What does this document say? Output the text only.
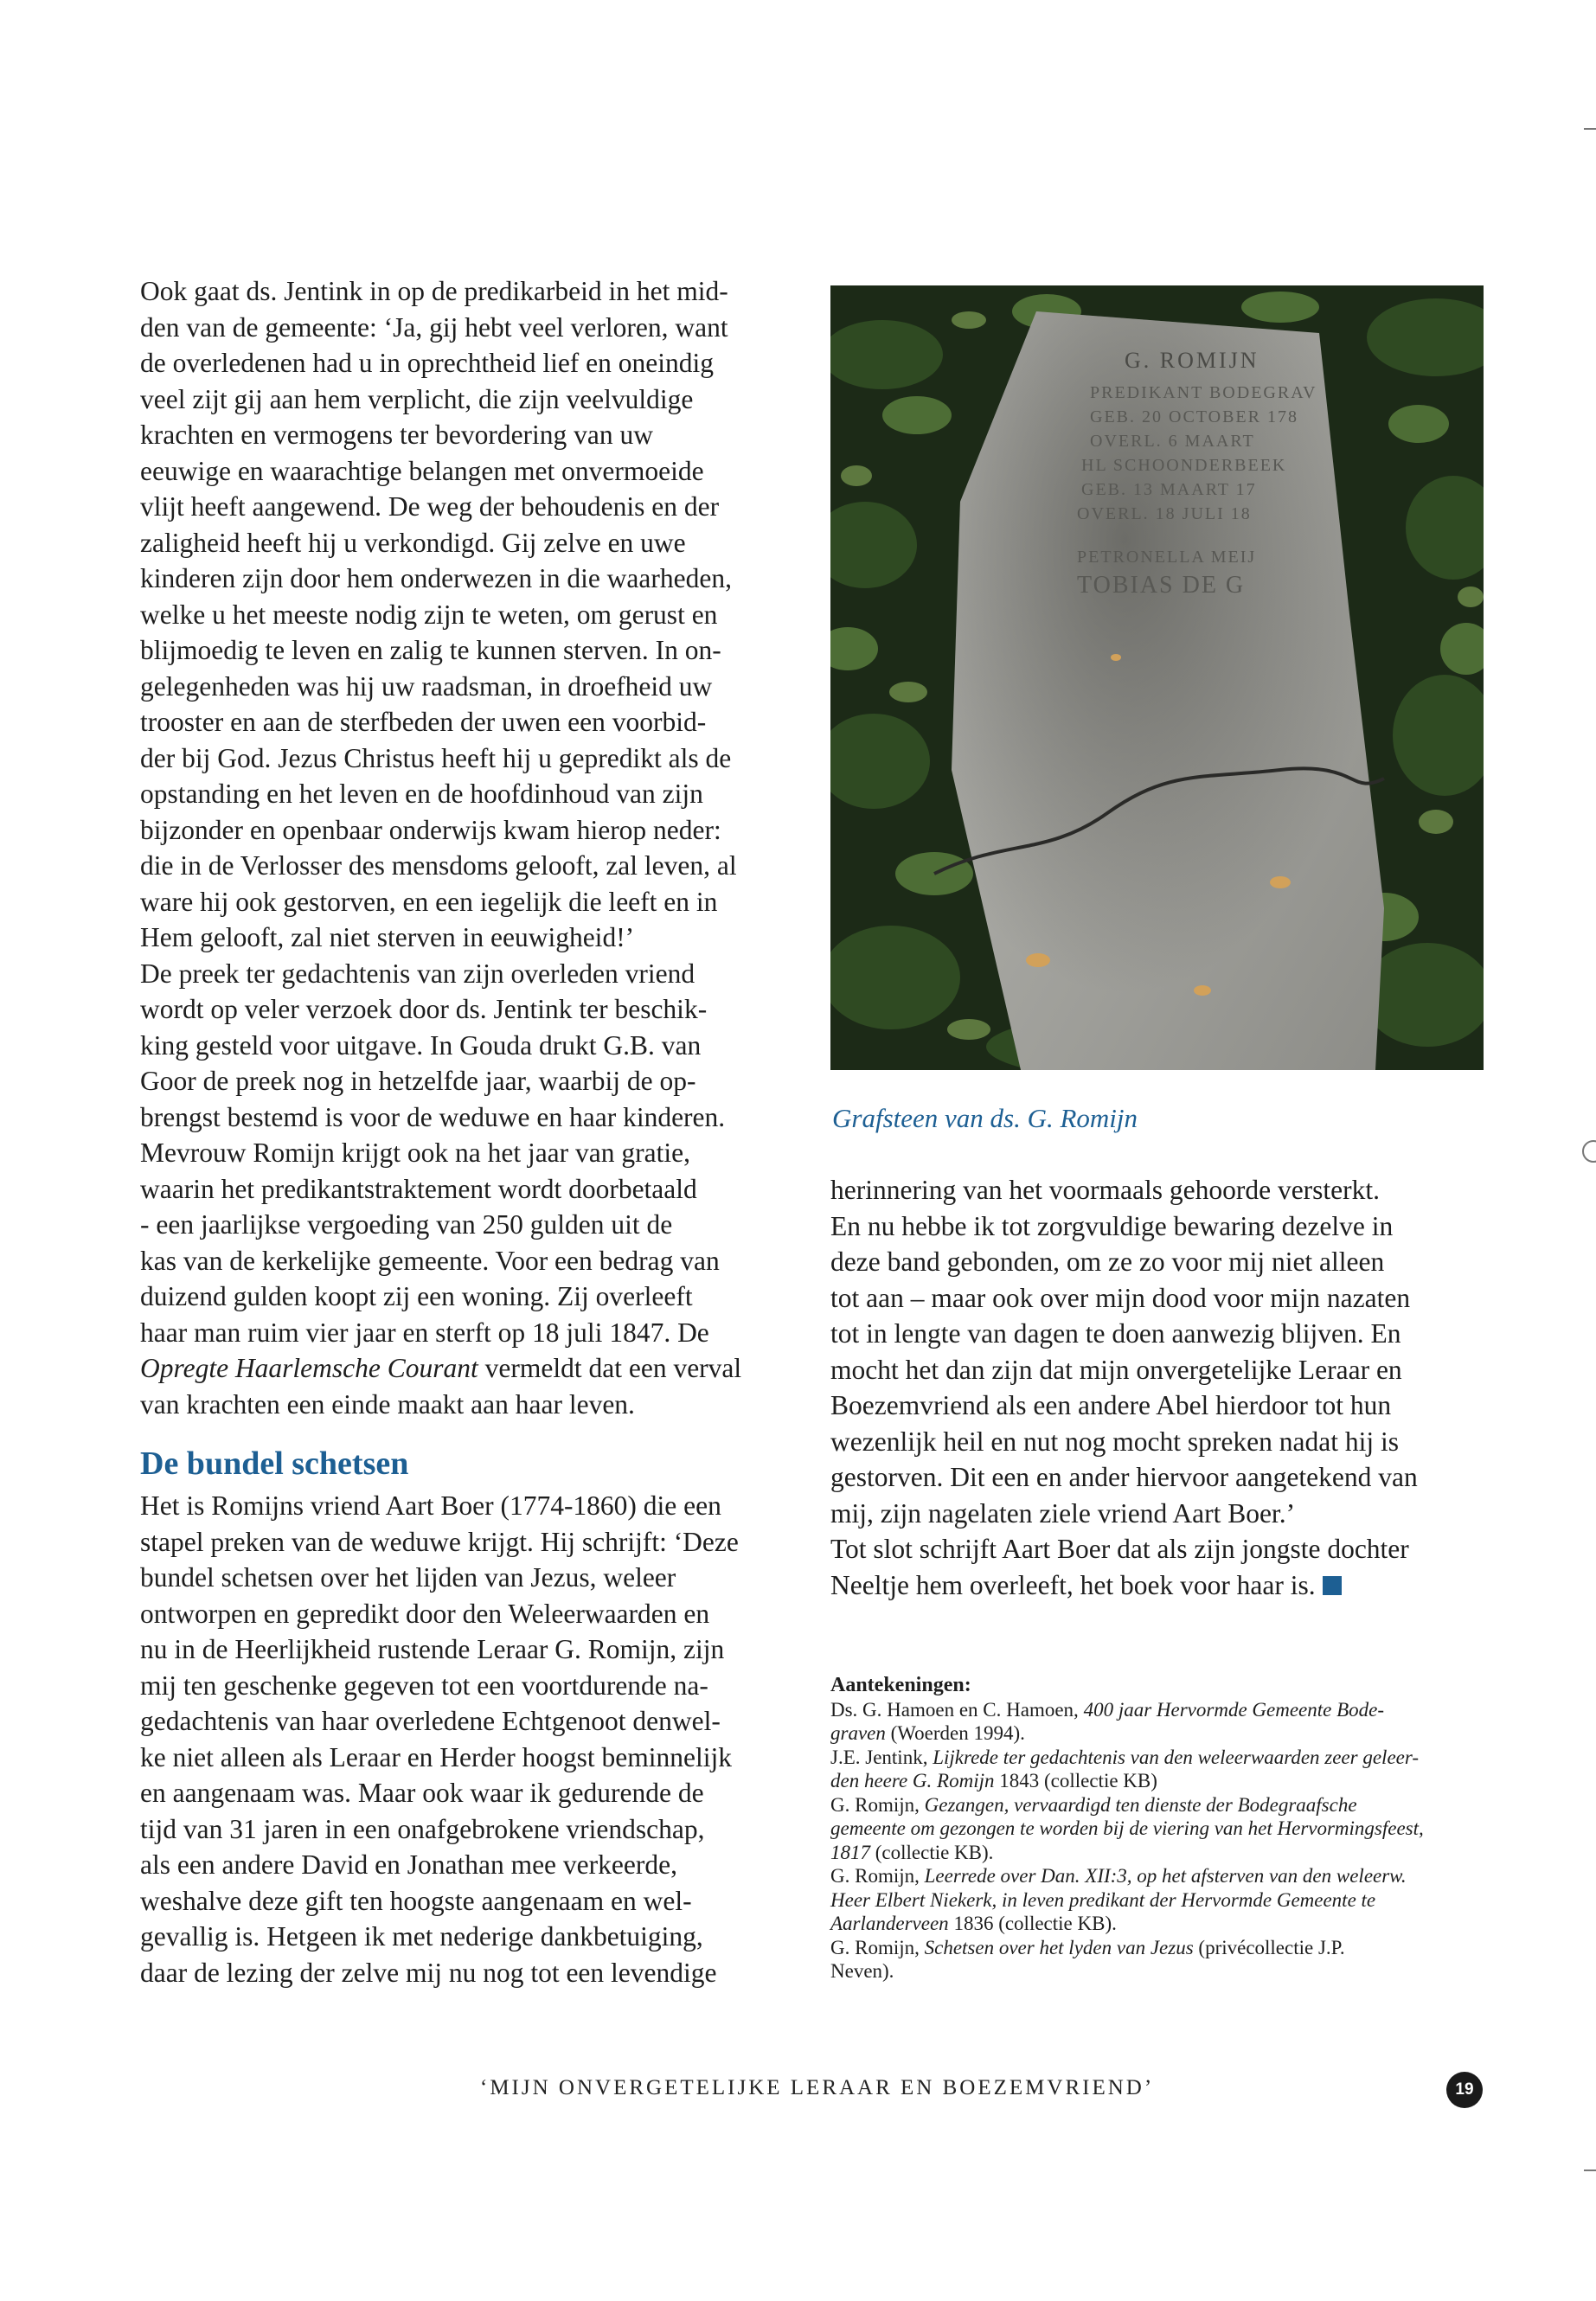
Ook gaat ds. Jentink in op de predikarbeid in het mid-

den van de gemeente: ‘Ja, gij hebt veel verloren, want

de overledenen had u in oprechtheid lief en oneindig

veel zijt gij aan hem verplicht, die zijn veelvuldige

krachten en vermogens ter bevordering van uw

eeuwige en waarachtige belangen met onvermoeide

vlijt heeft aangewend. De weg der behoudenis en der

zaligheid heeft hij u verkondigd. Gij zelve en uwe

kinderen zijn door hem onderwezen in die waarheden,

welke u het meeste nodig zijn te weten, om gerust en

blijmoedig te leven en zalig te kunnen sterven. In on-

gelegenheden was hij uw raadsman, in droefheid uw

trooster en aan de sterfbeden der uwen een voorbid-

der bij God. Jezus Christus heeft hij u gepredikt als de

opstanding en het leven en de hoofdinhoud van zijn

bijzonder en openbaar onderwijs kwam hierop neder:

die in de Verlosser des mensdoms gelooft, zal leven, al

ware hij ook gestorven, en een iegelijk die leeft en in

Hem gelooft, zal niet sterven in eeuwigheid!’

De preek ter gedachtenis van zijn overleden vriend

wordt op veler verzoek door ds. Jentink ter beschik-

king gesteld voor uitgave. In Gouda drukt G.B. van

Goor de preek nog in hetzelfde jaar, waarbij de op-

brengst bestemd is voor de weduwe en haar kinderen.

Mevrouw Romijn krijgt ook na het jaar van gratie,

waarin het predikantstraktement wordt doorbetaald

- een jaarlijkse vergoeding van 250 gulden uit de

kas van de kerkelijke gemeente. Voor een bedrag van

duizend gulden koopt zij een woning. Zij overleeft

haar man ruim vier jaar en sterft op 18 juli 1847. De

Opregte Haarlemsche Courant vermeldt dat een verval

van krachten een einde maakt aan haar leven.

De bundel schetsen

Het is Romijns vriend Aart Boer (1774-1860) die een

stapel preken van de weduwe krijgt. Hij schrijft: ‘Deze

bundel schetsen over het lijden van Jezus, weleer

ontworpen en gepredikt door den Weleerwaarden en

nu in de Heerlijkheid rustende Leraar G. Romijn, zijn

mij ten geschenke gegeven tot een voortdurende na-

gedachtenis van haar overledene Echtgenoot denwel-

ke niet alleen als Leraar en Herder hoogst beminnelijk

en aangenaam was. Maar ook waar ik gedurende de

tijd van 31 jaren in een onafgebrokene vriendschap,

als een andere David en Jonathan mee verkeerde,

weshalve deze gift ten hoogste aangenaam en wel-

gevallig is. Hetgeen ik met nederige dankbetuiging,

daar de lezing der zelve mij nu nog tot een levendige

G. ROMIJN
PREDIKANT BODEGRAV
GEB. 20 OCTOBER 178
OVERL. 6 MAART
HL SCHOONDERBEEK
GEB. 13 MAART 17
OVERL. 18 JULI 18
PETRONELLA MEIJ
TOBIAS DE G
Grafsteen van ds. G. Romijn

herinnering van het voormaals gehoorde versterkt.

En nu hebbe ik tot zorgvuldige bewaring dezelve in

deze band gebonden, om ze zo voor mij niet alleen

tot aan – maar ook over mijn dood voor mijn nazaten

tot in lengte van dagen te doen aanwezig blijven. En

mocht het dan zijn dat mijn onvergetelijke Leraar en

Boezemvriend als een andere Abel hierdoor tot hun

wezenlijk heil en nut nog mocht spreken nadat hij is

gestorven. Dit een en ander hiervoor aangetekend van

mij, zijn nagelaten ziele vriend Aart Boer.’

Tot slot schrijft Aart Boer dat als zijn jongste dochter

Neeltje hem overleeft, het boek voor haar is.

Aantekeningen:

Ds. G. Hamoen en C. Hamoen, 400 jaar Hervormde Gemeente Bode-

graven (Woerden 1994).

J.E. Jentink, Lijkrede ter gedachtenis van den weleerwaarden zeer geleer-

den heere G. Romijn 1843 (collectie KB)

G. Romijn, Gezangen, vervaardigd ten dienste der Bodegraafsche

gemeente om gezongen te worden bij de viering van het Hervormingsfeest,

1817 (collectie KB).

G. Romijn, Leerrede over Dan. XII:3, op het afsterven van den weleerw.

Heer Elbert Niekerk, in leven predikant der Hervormde Gemeente te

Aarlanderveen 1836 (collectie KB).

G. Romijn, Schetsen over het lyden van Jezus (privécollectie J.P.

Neven).

‘MIJN ONVERGETELIJKE LERAAR EN BOEZEMVRIEND’	19
